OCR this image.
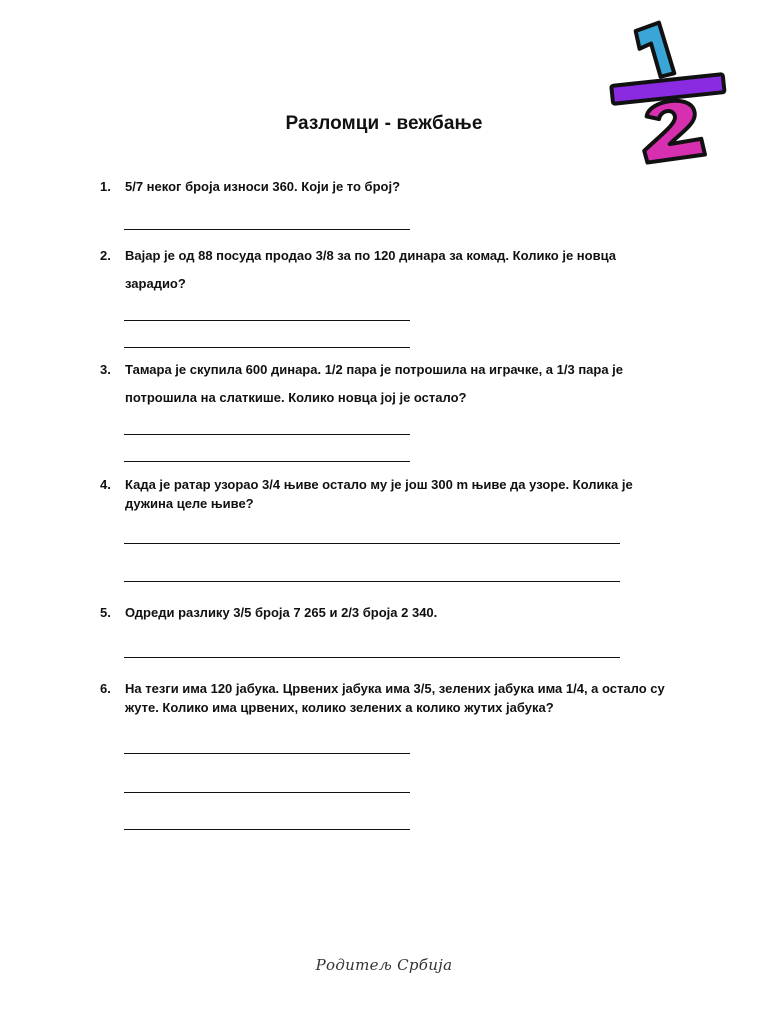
Разломци - вежбање
1.	5/7 неког броја износи 360. Који је то број?
2.	Вајар је од 88 посуда продао 3/8 за по 120 динара за комад. Колико је новца
зарадио?
3.	Тамара је скупила 600 динара. 1/2 пара је потрошила на играчке, а 1/3 пара је
потрошила на слаткише. Колико новца јој је остало?
4.	Када је ратар узорао 3/4 њиве остало му је још 300 m њиве да узоре. Колика је
дужина целе њиве?
5.	Одреди разлику 3/5 броја 7 265 и 2/3 броја 2 340.
6.	На тезги има 120 јабука. Црвених јабука има 3/5, зелених јабука има 1/4, а остало су
жуте. Колико има црвених, колико зелених а колико жутих јабука?
Родитељ Србија
